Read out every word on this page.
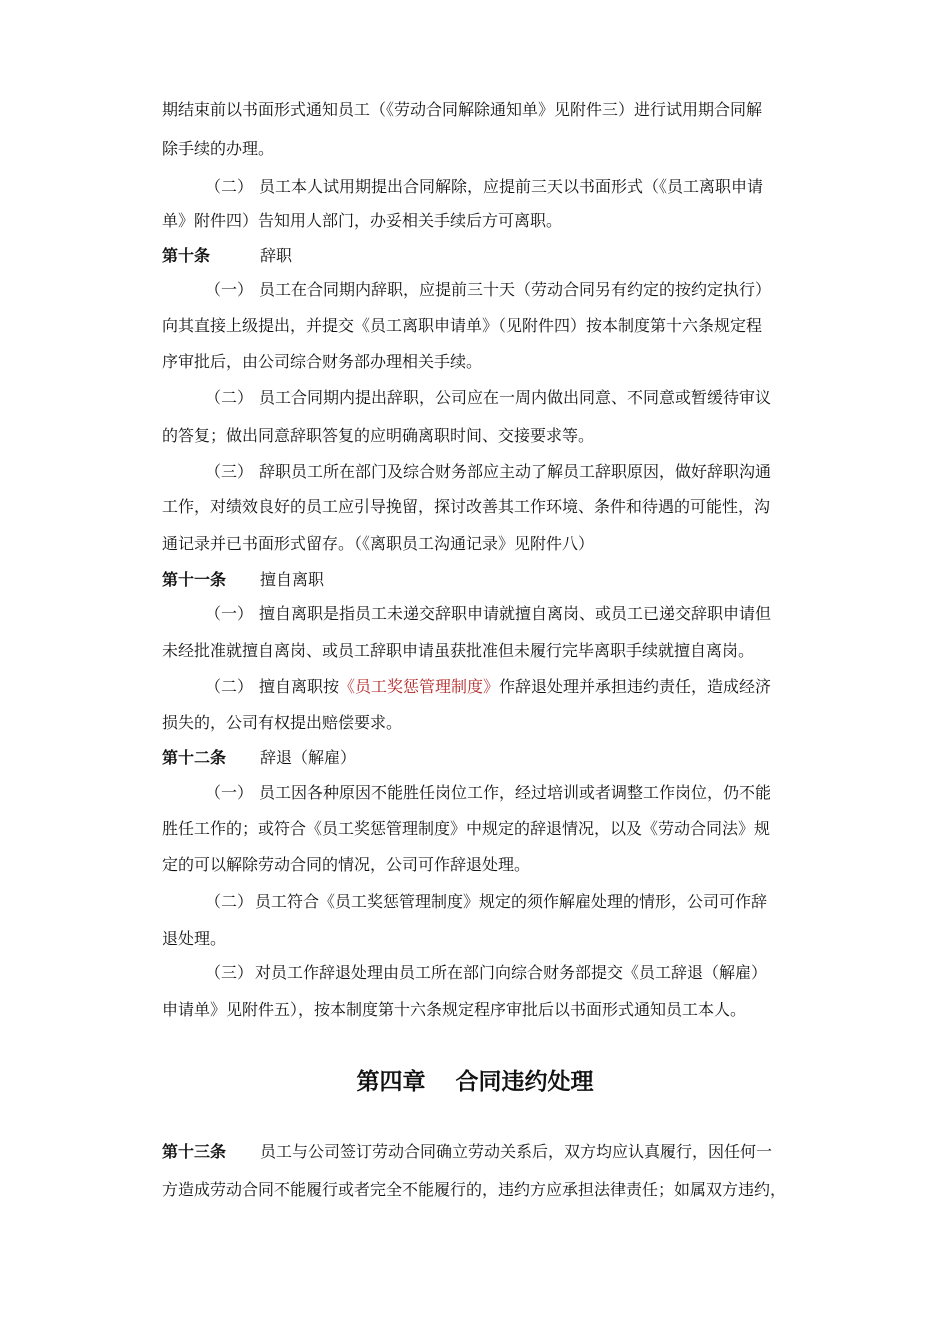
期结束前以书面形式通知员工（《劳动合同解除通知单》见附件三）进行试用期合同解
除手续的办理。
（二） 员工本人试用期提出合同解除，应提前三天以书面形式（《员工离职申请
单》附件四）告知用人部门，办妥相关手续后方可离职。
第十条	辞职
（一） 员工在合同期内辞职，应提前三十天（劳动合同另有约定的按约定执行）
向其直接上级提出，并提交《员工离职申请单》（见附件四）按本制度第十六条规定程
序审批后，由公司综合财务部办理相关手续。
（二） 员工合同期内提出辞职，公司应在一周内做出同意、不同意或暂缓待审议
的答复；做出同意辞职答复的应明确离职时间、交接要求等。
（三） 辞职员工所在部门及综合财务部应主动了解员工辞职原因，做好辞职沟通
工作，对绩效良好的员工应引导挽留，探讨改善其工作环境、条件和待遇的可能性，沟
通记录并已书面形式留存。（《离职员工沟通记录》见附件八）
第十一条 擅自离职
（一） 擅自离职是指员工未递交辞职申请就擅自离岗、或员工已递交辞职申请但
未经批准就擅自离岗、或员工辞职申请虽获批准但未履行完毕离职手续就擅自离岗。
（二） 擅自离职按《员工奖惩管理制度》作辞退处理并承担违约责任，造成经济
损失的，公司有权提出赔偿要求。
第十二条 辞退（解雇）
（一） 员工因各种原因不能胜任岗位工作，经过培训或者调整工作岗位，仍不能
胜任工作的；或符合《员工奖惩管理制度》中规定的辞退情况，以及《劳动合同法》规
定的可以解除劳动合同的情况，公司可作辞退处理。
（二） 员工符合《员工奖惩管理制度》规定的须作解雇处理的情形，公司可作辞
退处理。
（三） 对员工作辞退处理由员工所在部门向综合财务部提交《员工辞退（解雇）
申请单》见附件五），按本制度第十六条规定程序审批后以书面形式通知员工本人。
第四章 合同违约处理
第十三条 员工与公司签订劳动合同确立劳动关系后，双方均应认真履行，因任何一
方造成劳动合同不能履行或者完全不能履行的，违约方应承担法律责任；如属双方违约，
